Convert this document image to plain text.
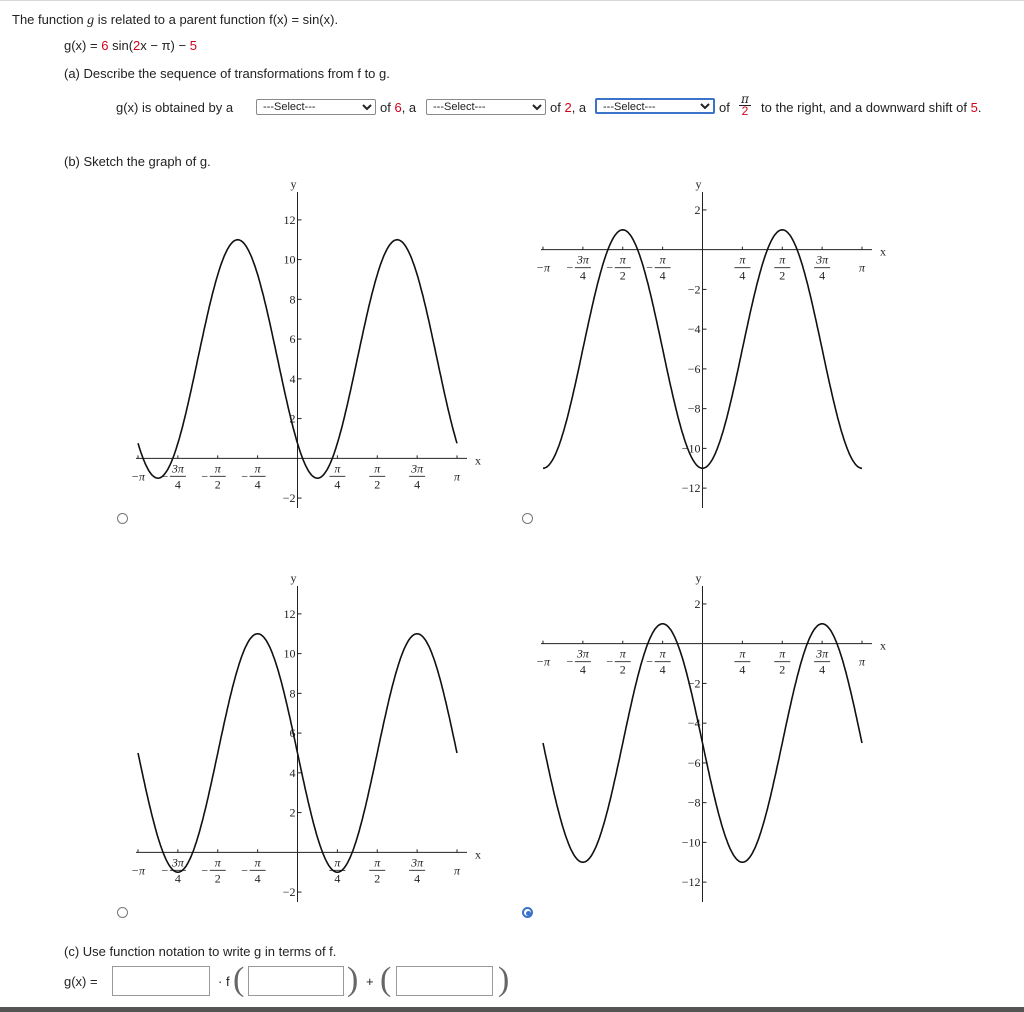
The function g is related to a parent function f(x) = sin(x).
g(x) = 6 sin(2x − π) − 5
(a) Describe the sequence of transformations from f to g.
g(x) is obtained by a
---Select---	of 6, a
---Select---	of 2, a
---Select---	of $\frac{\pi}{2}$ to the right, and a downward shift of 5.
(b) Sketch the graph of g.
y
x
12
10
8
6
4
2
−2
−π
3π
4
−
π
2
−
π
4
−
π
4
π
2
3π
4
π
y
x
2
−2
−4
−6
−8
−10
−12
−π
3π
4
−
π
2
−
π
4
−
π
4
π
2
3π
4
π
y
x
12
10
8
6
4
2
−2
−π
3π
4
−
π
2
−
π
4
−
π
4
π
2
3π
4
π
y
x
2
−2
−4
−6
−8
−10
−12
−π
3π
4
−
π
2
−
π
4
−
π
4
π
2
3π
4
π
(c) Use function notation to write g in terms of f.
g(x) =	· f (	) + (	)
